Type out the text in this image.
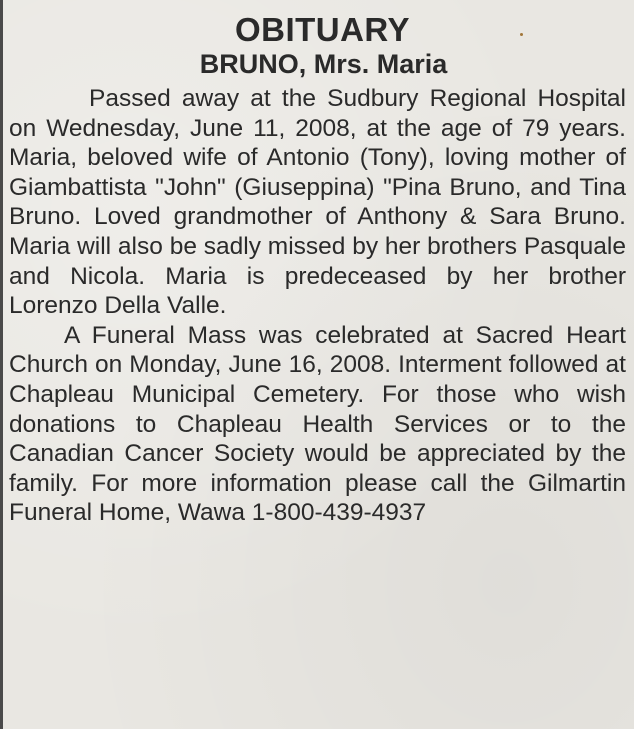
OBITUARY
BRUNO, Mrs. Maria

Passed away at the Sudbury Regional Hospital on Wednesday, June 11, 2008, at the age of 79 years. Maria, beloved wife of Antonio (Tony), loving mother of Giambattista "John" (Giuseppina) "Pina Bruno, and Tina Bruno. Loved grandmother of Anthony & Sara Bruno. Maria will also be sadly missed by her brothers Pasquale and Nicola. Maria is predeceased by her brother Lorenzo Della Valle.

A Funeral Mass was celebrated at Sacred Heart Church on Monday, June 16, 2008. Interment followed at Chapleau Municipal Cemetery. For those who wish donations to Chapleau Health Services or to the Canadian Cancer Society would be appreciated by the family. For more information please call the Gilmartin Funeral Home, Wawa 1-800-439-4937
